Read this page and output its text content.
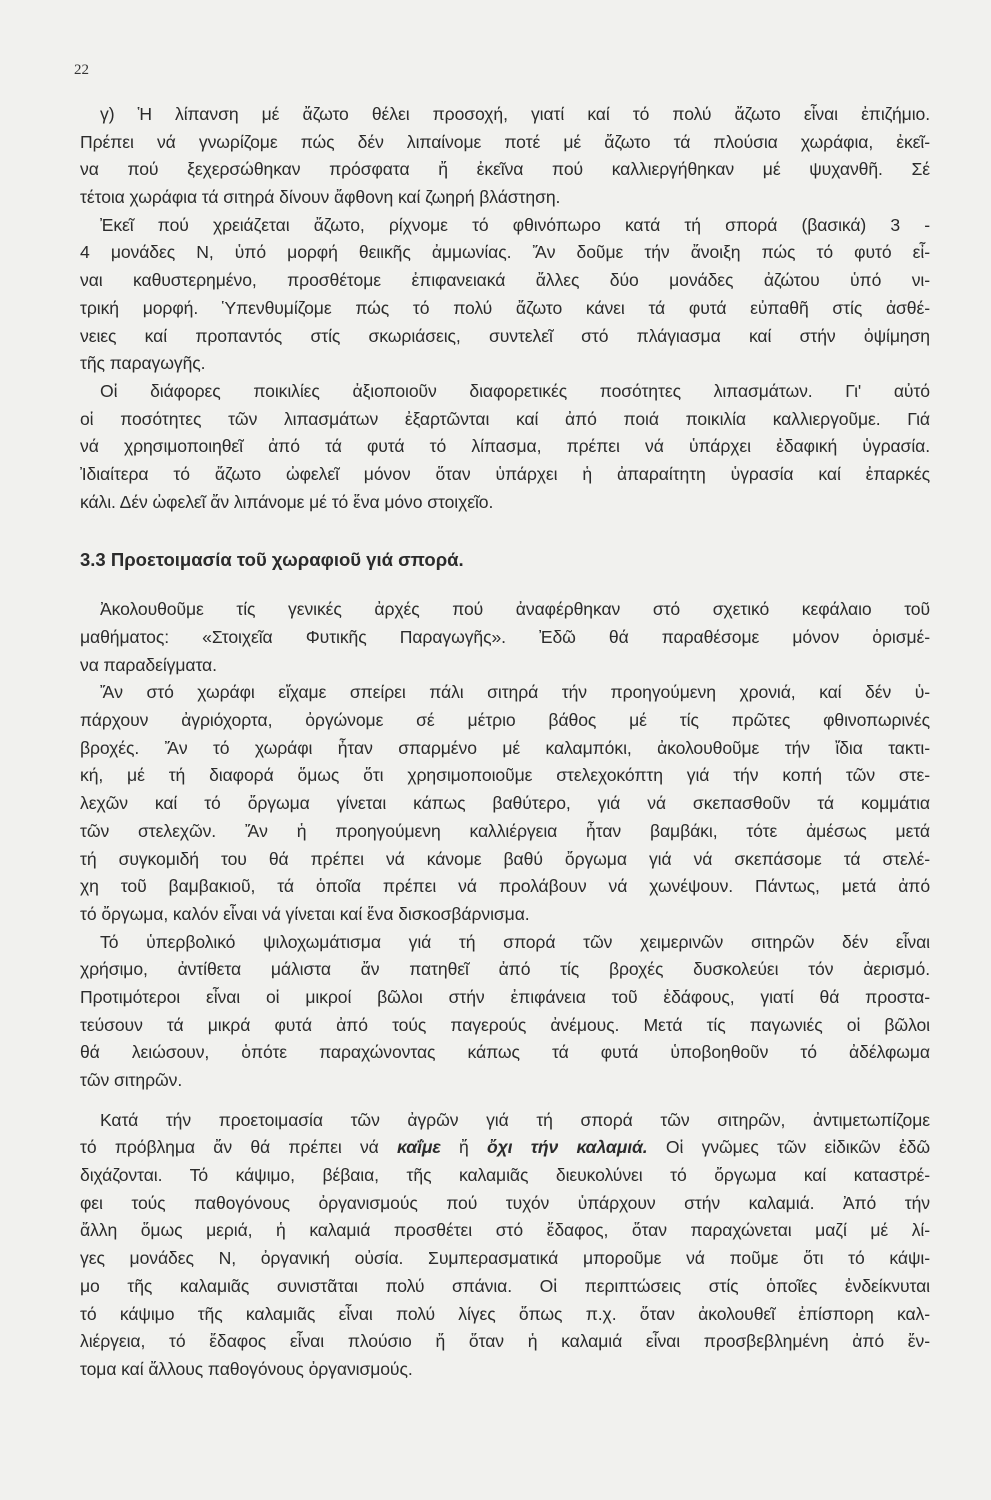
22
γ) Ἡ λίπανση μέ ἄζωτο θέλει προσοχή, γιατί καί τό πολύ ἄζωτο εἶναι ἐπιζήμιο.
Πρέπει νά γνωρίζομε πώς δέν λιπαίνομε ποτέ μέ ἄζωτο τά πλούσια χωράφια, ἐκεῖ-
να πού ξεχερσώθηκαν πρόσφατα ἤ ἐκεῖνα πού καλλιεργήθηκαν μέ ψυχανθῆ. Σέ
τέτοια χωράφια τά σιτηρά δίνουν ἄφθονη καί ζωηρή βλάστηση.
Ἐκεῖ πού χρειάζεται ἄζωτο, ρίχνομε τό φθινόπωρο κατά τή σπορά (βασικά) 3 -
4 μονάδες Ν, ὑπό μορφή θειικῆς ἀμμωνίας. Ἄν δοῦμε τήν ἄνοιξη πώς τό φυτό εἶ-
ναι καθυστερημένο, προσθέτομε ἐπιφανειακά ἄλλες δύο μονάδες ἀζώτου ὑπό νι-
τρική μορφή. Ὑπενθυμίζομε πώς τό πολύ ἄζωτο κάνει τά φυτά εὐπαθῆ στίς ἀσθέ-
νειες καί προπαντός στίς σκωριάσεις, συντελεῖ στό πλάγιασμα καί στήν ὀψίμηση
τῆς παραγωγῆς.
Οἱ διάφορες ποικιλίες ἀξιοποιοῦν διαφορετικές ποσότητες λιπασμάτων. Γι' αὐτό
οἱ ποσότητες τῶν λιπασμάτων ἐξαρτῶνται καί ἀπό ποιά ποικιλία καλλιεργοῦμε. Γιά
νά χρησιμοποιηθεῖ ἀπό τά φυτά τό λίπασμα, πρέπει νά ὑπάρχει ἐδαφική ὑγρασία.
Ἰδιαίτερα τό ἄζωτο ὠφελεῖ μόνον ὅταν ὑπάρχει ἡ ἀπαραίτητη ὑγρασία καί ἐπαρκές
κάλι. Δέν ὠφελεῖ ἄν λιπάνομε μέ τό ἕνα μόνο στοιχεῖο.
3.3 Προετοιμασία τοῦ χωραφιοῦ γιά σπορά.
Ἀκολουθοῦμε τίς γενικές ἀρχές πού ἀναφέρθηκαν στό σχετικό κεφάλαιο τοῦ
μαθήματος: «Στοιχεῖα Φυτικῆς Παραγωγῆς». Ἐδῶ θά παραθέσομε μόνον ὁρισμέ-
να παραδείγματα.
Ἄν στό χωράφι εἴχαμε σπείρει πάλι σιτηρά τήν προηγούμενη χρονιά, καί δέν ὑ-
πάρχουν ἀγριόχορτα, ὀργώνομε σέ μέτριο βάθος μέ τίς πρῶτες φθινοπωρινές
βροχές. Ἄν τό χωράφι ἦταν σπαρμένο μέ καλαμπόκι, ἀκολουθοῦμε τήν ἴδια τακτι-
κή, μέ τή διαφορά ὅμως ὅτι χρησιμοποιοῦμε στελεχοκόπτη γιά τήν κοπή τῶν στε-
λεχῶν καί τό ὄργωμα γίνεται κάπως βαθύτερο, γιά νά σκεπασθοῦν τά κομμάτια
τῶν στελεχῶν. Ἄν ἡ προηγούμενη καλλιέργεια ἦταν βαμβάκι, τότε ἀμέσως μετά
τή συγκομιδή του θά πρέπει νά κάνομε βαθύ ὄργωμα γιά νά σκεπάσομε τά στελέ-
χη τοῦ βαμβακιοῦ, τά ὁποῖα πρέπει νά προλάβουν νά χωνέψουν. Πάντως, μετά ἀπό
τό ὄργωμα, καλόν εἶναι νά γίνεται καί ἕνα δισκοσβάρνισμα.
Τό ὑπερβολικό ψιλοχωμάτισμα γιά τή σπορά τῶν χειμερινῶν σιτηρῶν δέν εἶναι
χρήσιμο, ἀντίθετα μάλιστα ἄν πατηθεῖ ἀπό τίς βροχές δυσκολεύει τόν ἀερισμό.
Προτιμότεροι εἶναι οἱ μικροί βῶλοι στήν ἐπιφάνεια τοῦ ἐδάφους, γιατί θά προστα-
τεύσουν τά μικρά φυτά ἀπό τούς παγερούς ἀνέμους. Μετά τίς παγωνιές οἱ βῶλοι
θά λειώσουν, ὁπότε παραχώνοντας κάπως τά φυτά ὑποβοηθοῦν τό ἀδέλφωμα
τῶν σιτηρῶν.
Κατά τήν προετοιμασία τῶν ἀγρῶν γιά τή σπορά τῶν σιτηρῶν, ἀντιμετωπίζομε
τό πρόβλημα ἄν θά πρέπει νά καΐμε ἤ ὄχι τήν καλαμιά. Οἱ γνῶμες τῶν εἰδικῶν ἐδῶ
διχάζονται. Τό κάψιμο, βέβαια, τῆς καλαμιᾶς διευκολύνει τό ὄργωμα καί καταστρέ-
φει τούς παθογόνους ὀργανισμούς πού τυχόν ὑπάρχουν στήν καλαμιά. Ἀπό τήν
ἄλλη ὅμως μεριά, ἡ καλαμιά προσθέτει στό ἔδαφος, ὅταν παραχώνεται μαζί μέ λί-
γες μονάδες Ν, ὀργανική οὐσία. Συμπερασματικά μποροῦμε νά ποῦμε ὅτι τό κάψι-
μο τῆς καλαμιᾶς συνιστᾶται πολύ σπάνια. Οἱ περιπτώσεις στίς ὁποῖες ἐνδείκνυται
τό κάψιμο τῆς καλαμιᾶς εἶναι πολύ λίγες ὅπως π.χ. ὅταν ἀκολουθεῖ ἐπίσπορη καλ-
λιέργεια, τό ἔδαφος εἶναι πλούσιο ἤ ὅταν ἡ καλαμιά εἶναι προσβεβλημένη ἀπό ἔν-
τομα καί ἄλλους παθογόνους ὀργανισμούς.
